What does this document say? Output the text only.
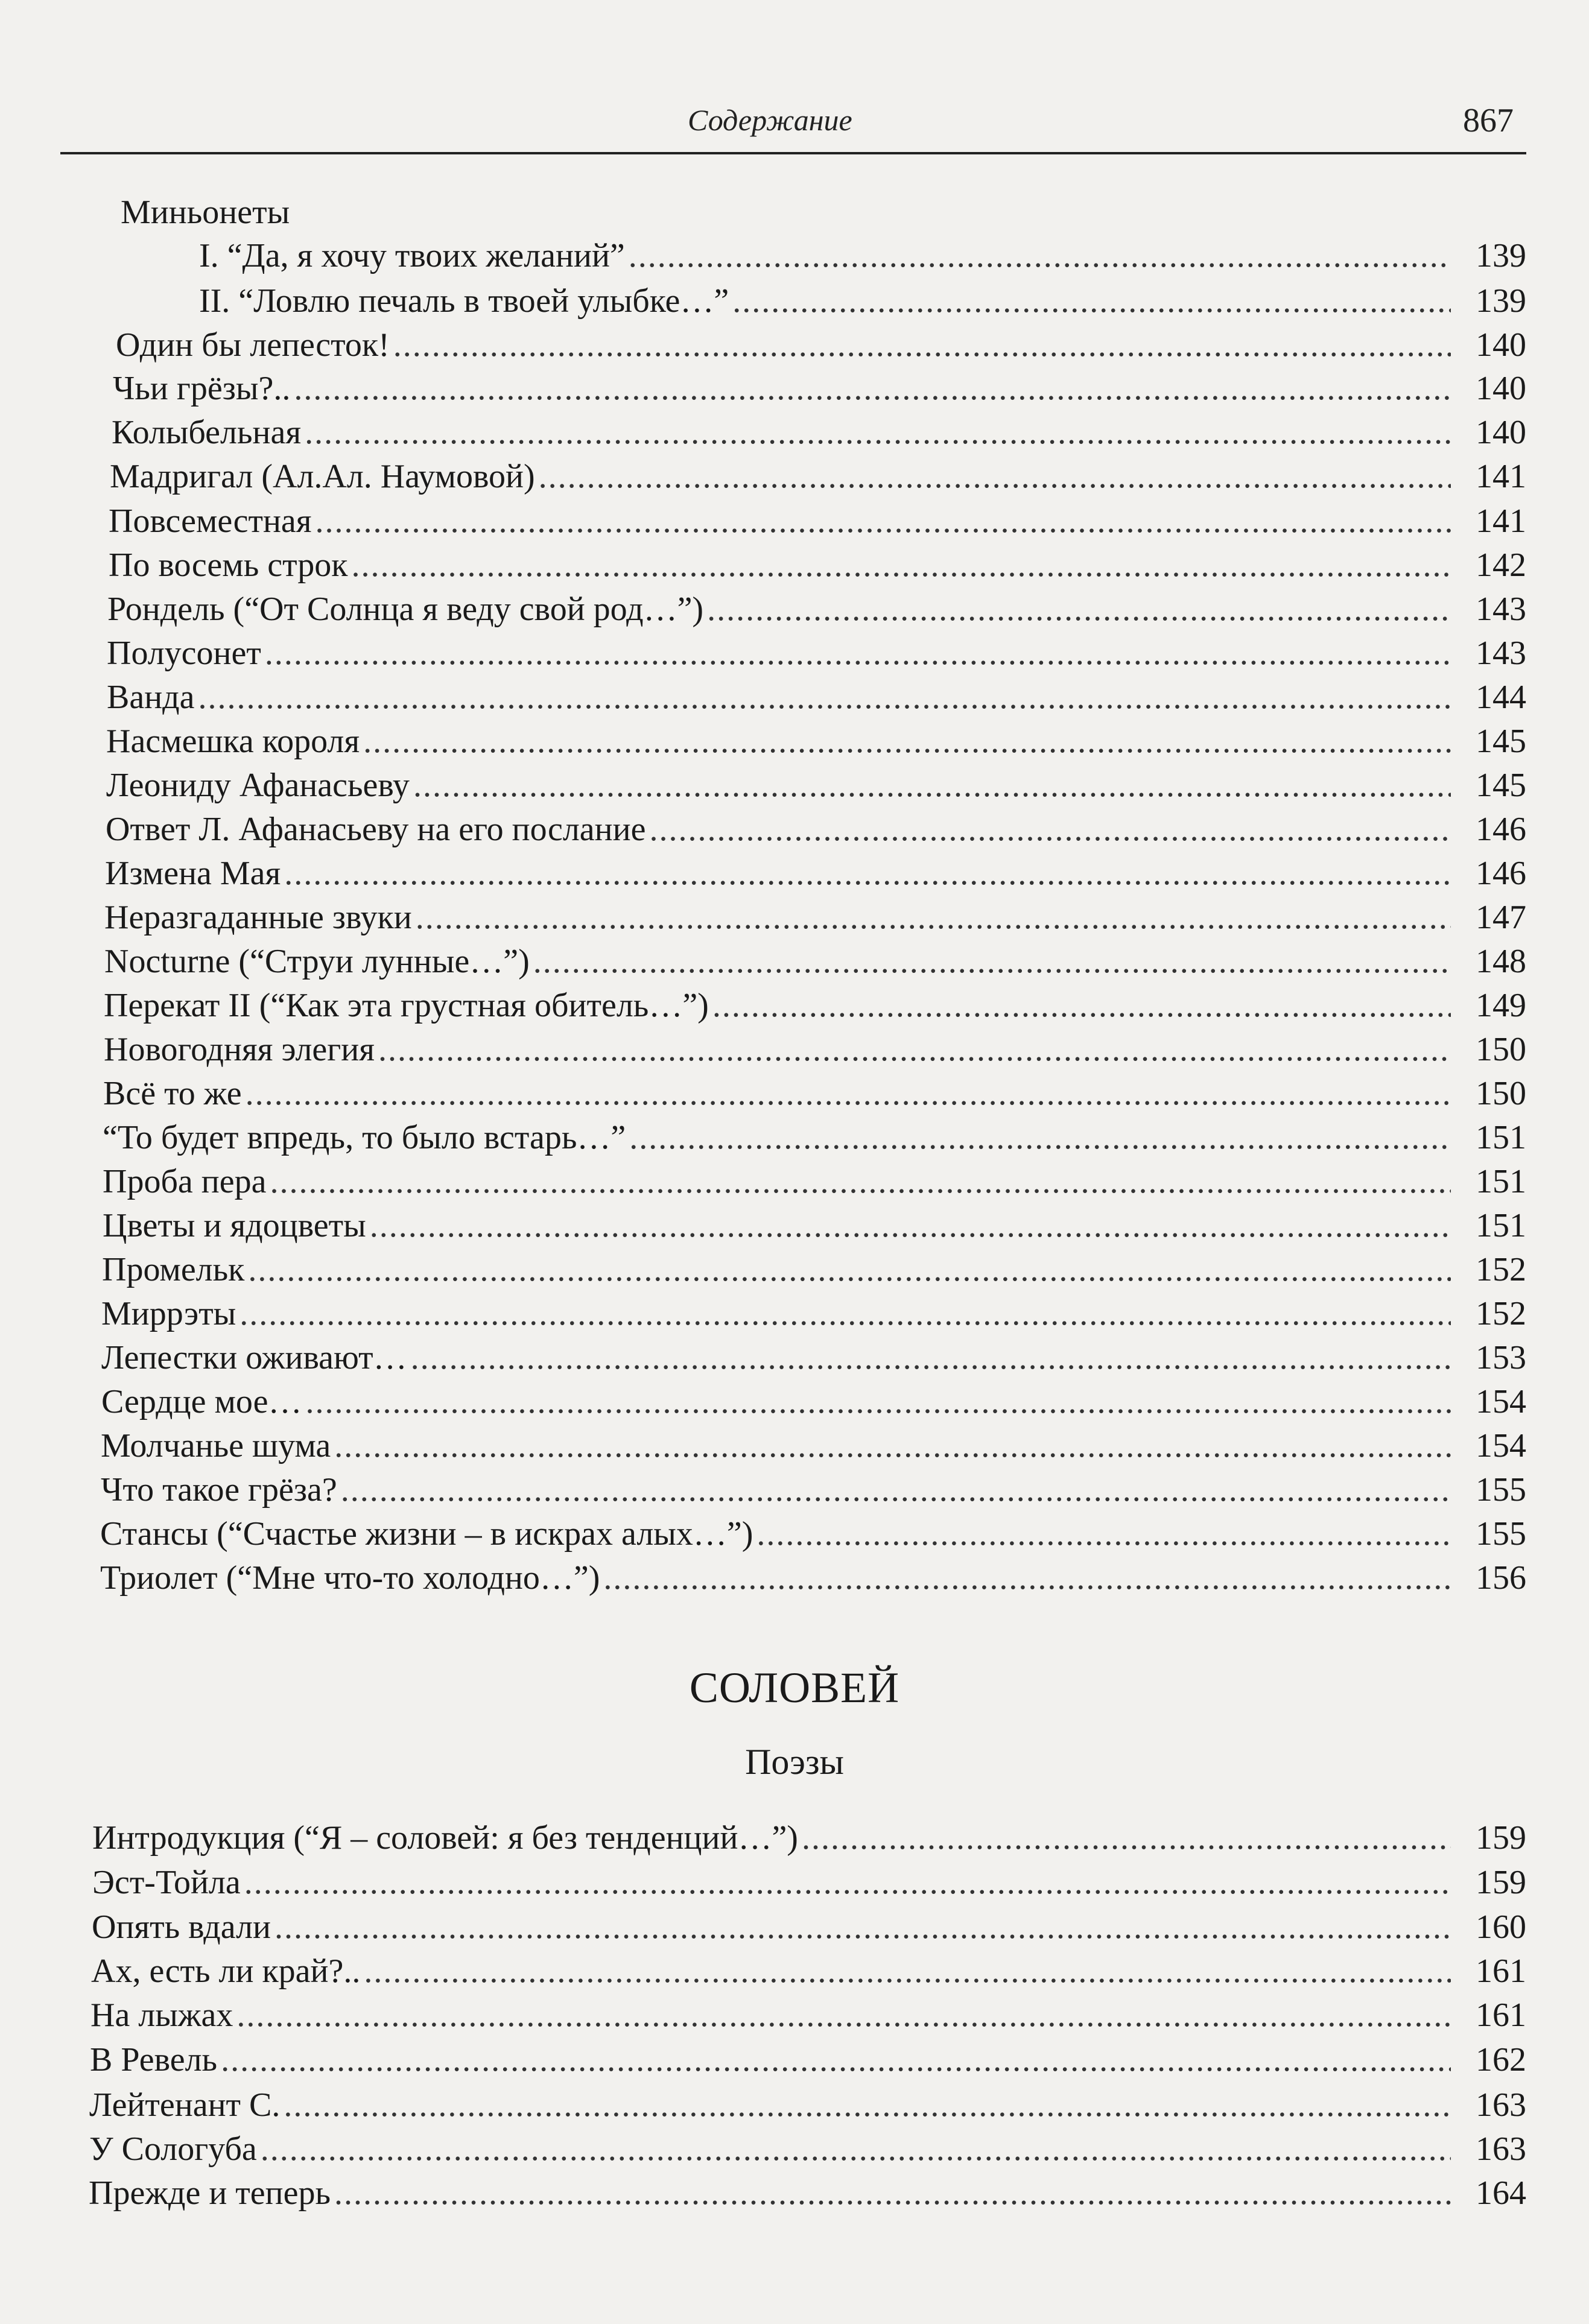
Содержание	867
Миньонеты
I. “Да, я хочу твоих желаний” .....	139
II. “Ловлю печаль в твоей улыбке…” .....	139
Один бы лепесток! .....	140
Чьи грёзы?.. .....	140
Колыбельная .....	140
Мадригал (Ал.Ал. Наумовой) .....	141
Повсеместная .....	141
По восемь строк .....	142
Рондель (“От Солнца я веду свой род…”) .....	143
Полусонет .....	143
Ванда .....	144
Насмешка короля .....	145
Леониду Афанасьеву .....	145
Ответ Л. Афанасьеву на его послание .....	146
Измена Мая .....	146
Неразгаданные звуки .....	147
Nocturne (“Струи лунные…”) .....	148
Перекат II (“Как эта грустная обитель…”) .....	149
Новогодняя элегия .....	150
Всё то же .....	150
“То будет впредь, то было встарь…” .....	151
Проба пера .....	151
Цветы и ядоцветы .....	151
Промельк .....	152
Миррэты .....	152
Лепестки оживают… .....	153
Сердце мое… .....	154
Молчанье шума .....	154
Что такое грёза? .....	155
Стансы (“Счастье жизни – в искрах алых…”) .....	155
Триолет (“Мне что-то холодно…”) .....	156
СОЛОВЕЙ
Поэзы
Интродукция (“Я – соловей: я без тенденций…”) .....	159
Эст-Тойла .....	159
Опять вдали .....	160
Ах, есть ли край?.. .....	161
На лыжах .....	161
В Ревель .....	162
Лейтенант С. .....	163
У Сологуба .....	163
Прежде и теперь .....	164
